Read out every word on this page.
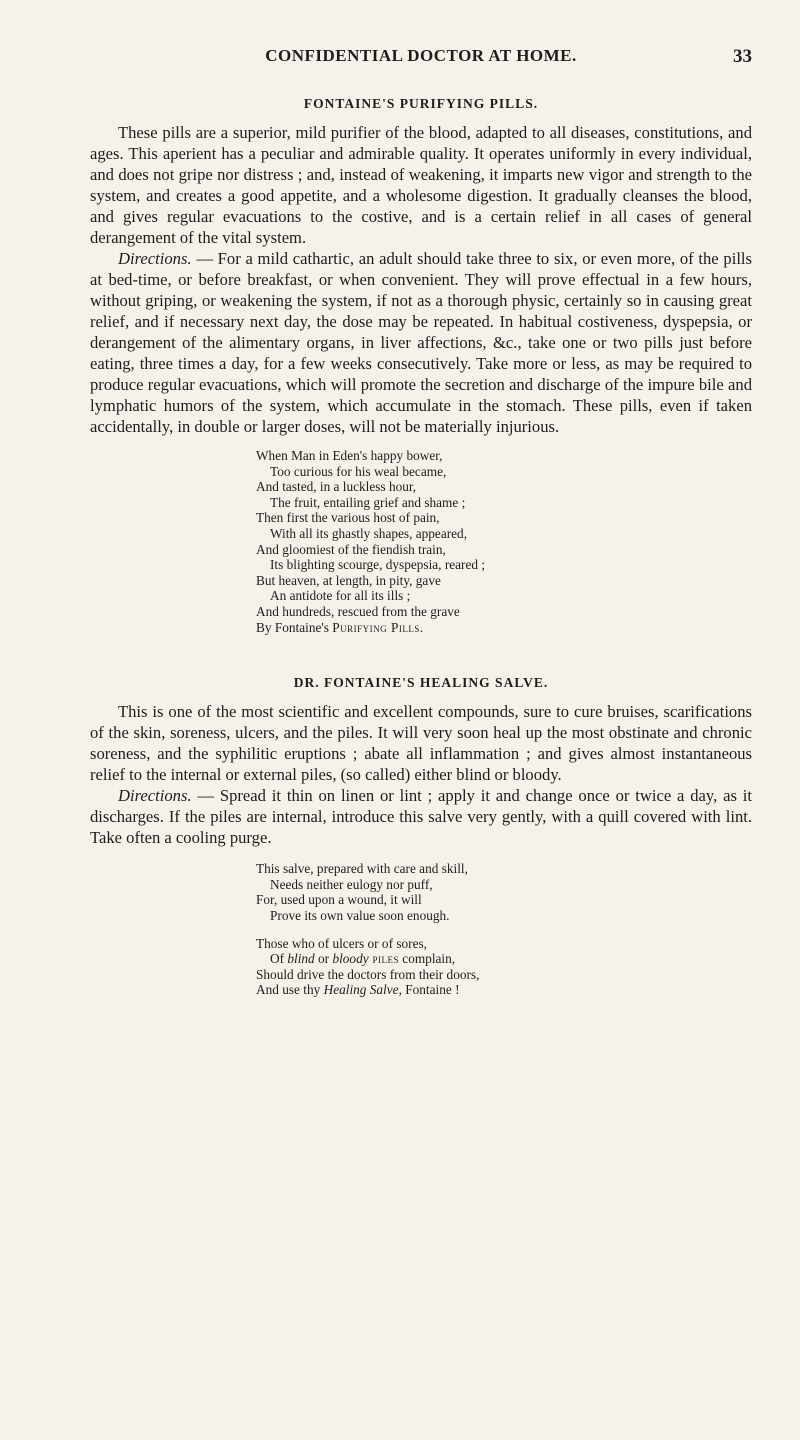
CONFIDENTIAL DOCTOR AT HOME.	33
FONTAINE'S PURIFYING PILLS.

These pills are a superior, mild purifier of the blood, adapted to all diseases, constitutions, and ages. This aperient has a peculiar and admirable quality. It operates uniformly in every individual, and does not gripe nor distress ; and, instead of weakening, it imparts new vigor and strength to the system, and creates a good appetite, and a wholesome digestion. It gradually cleanses the blood, and gives regular evacuations to the costive, and is a certain relief in all cases of general derangement of the vital system.

Directions. — For a mild cathartic, an adult should take three to six, or even more, of the pills at bed-time, or before breakfast, or when convenient. They will prove effectual in a few hours, without griping, or weakening the system, if not as a thorough physic, certainly so in causing great relief, and if necessary next day, the dose may be repeated. In habitual costiveness, dyspepsia, or derangement of the alimentary organs, in liver affections, &c., take one or two pills just before eating, three times a day, for a few weeks consecutively. Take more or less, as may be required to produce regular evacuations, which will promote the secretion and discharge of the impure bile and lymphatic humors of the system, which accumulate in the stomach. These pills, even if taken accidentally, in double or larger doses, will not be materially injurious.

When Man in Eden's happy bower,
Too curious for his weal became,
And tasted, in a luckless hour,
The fruit, entailing grief and shame ;
Then first the various host of pain,
With all its ghastly shapes, appeared,
And gloomiest of the fiendish train,
Its blighting scourge, dyspepsia, reared ;
But heaven, at length, in pity, gave
An antidote for all its ills ;
And hundreds, rescued from the grave
By Fontaine's Purifying Pills.
DR. FONTAINE'S HEALING SALVE.

This is one of the most scientific and excellent compounds, sure to cure bruises, scarifications of the skin, soreness, ulcers, and the piles. It will very soon heal up the most obstinate and chronic soreness, and the syphilitic eruptions ; abate all inflammation ; and gives almost instantaneous relief to the internal or external piles, (so called) either blind or bloody.

Directions. — Spread it thin on linen or lint ; apply it and change once or twice a day, as it discharges. If the piles are internal, introduce this salve very gently, with a quill covered with lint. Take often a cooling purge.

This salve, prepared with care and skill,
Needs neither eulogy nor puff,
For, used upon a wound, it will
Prove its own value soon enough.
Those who of ulcers or of sores,
Of blind or bloody piles complain,
Should drive the doctors from their doors,
And use thy Healing Salve, Fontaine !
